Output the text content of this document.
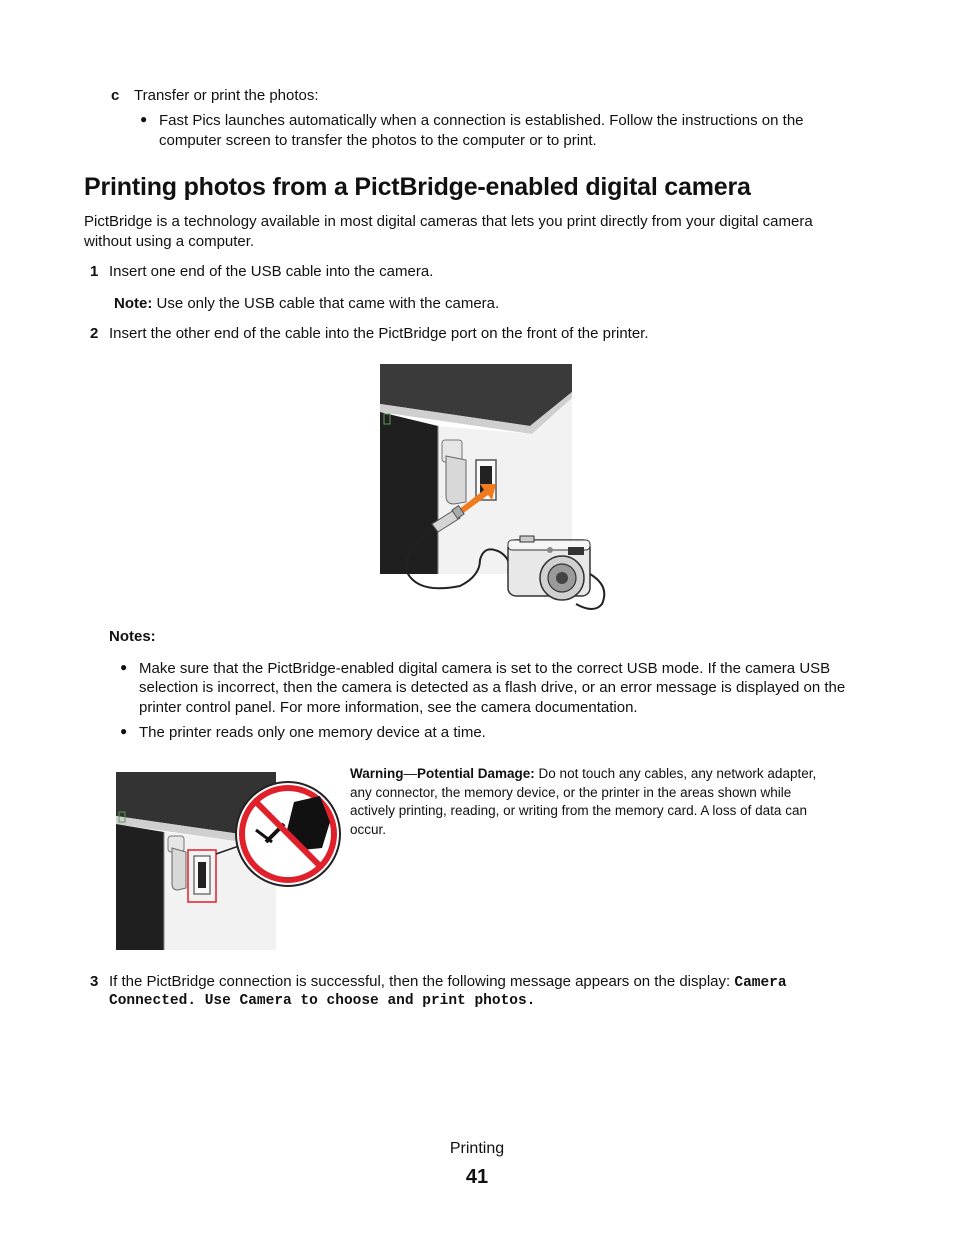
c Transfer or print the photos:
● Fast Pics launches automatically when a connection is established. Follow the instructions on the
computer screen to transfer the photos to the computer or to print.
Printing photos from a PictBridge-enabled digital camera
PictBridge is a technology available in most digital cameras that lets you print directly from your digital camera
without using a computer.
1 Insert one end of the USB cable into the camera.
Note: Use only the USB cable that came with the camera.
2 Insert the other end of the cable into the PictBridge port on the front of the printer.
Notes:
● Make sure that the PictBridge-enabled digital camera is set to the correct USB mode. If the camera USB
selection is incorrect, then the camera is detected as a flash drive, or an error message is displayed on the
printer control panel. For more information, see the camera documentation.
● The printer reads only one memory device at a time.
Warning—Potential Damage: Do not touch any cables, any network adapter,
any connector, the memory device, or the printer in the areas shown while
actively printing, reading, or writing from the memory card. A loss of data can
occur.
3 If the PictBridge connection is successful, then the following message appears on the display: Camera
Connected. Use Camera to choose and print photos.
Printing
41
